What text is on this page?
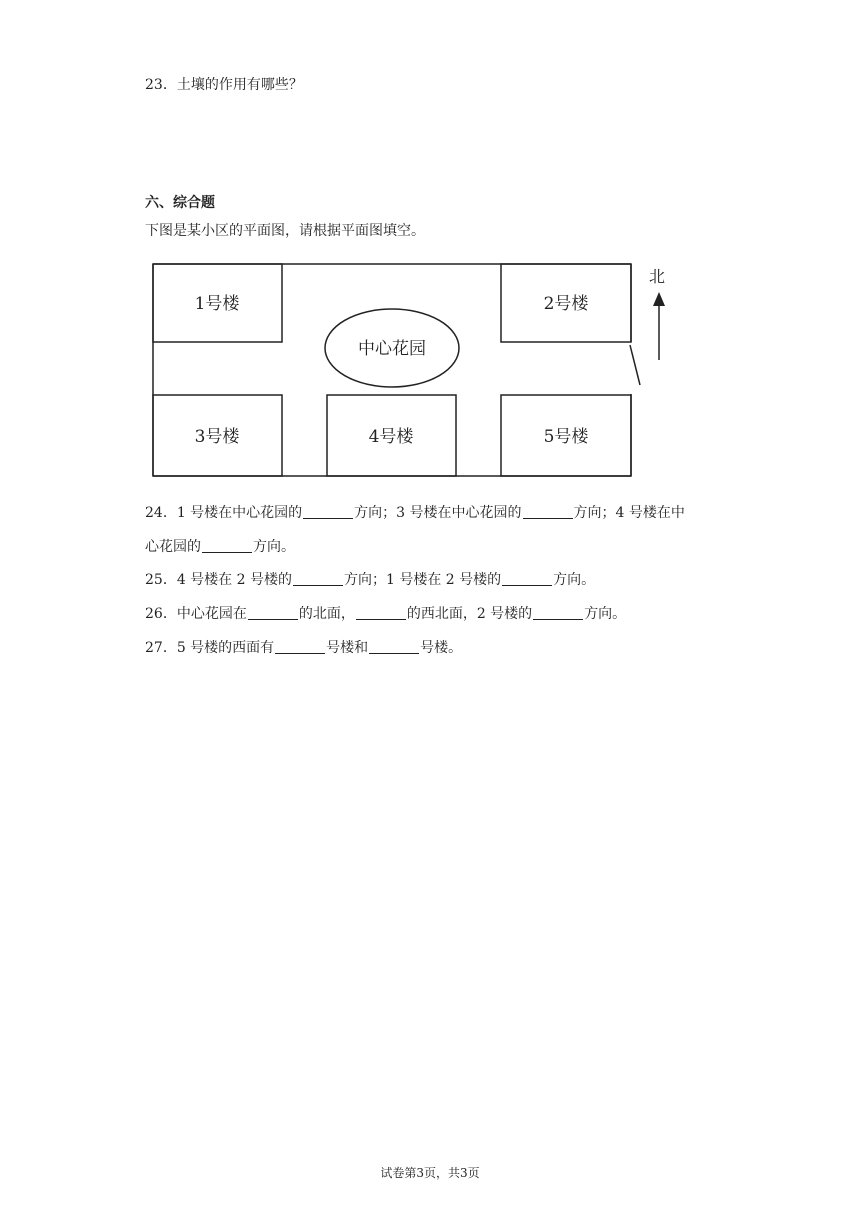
23．土壤的作用有哪些？
六、综合题
下图是某小区的平面图，请根据平面图填空。
1号楼	2号楼
3号楼	4号楼	5号楼
中心花园
北
24．1 号楼在中心花园的	方向；3 号楼在中心花园的	方向；4 号楼在中
心花园的	方向。
25．4 号楼在 2 号楼的	方向；1 号楼在 2 号楼的	方向。
26．中心花园在	的北面，	的西北面，2 号楼的	方向。
27．5 号楼的西面有	号楼和	号楼。
试卷第3页，共3页
